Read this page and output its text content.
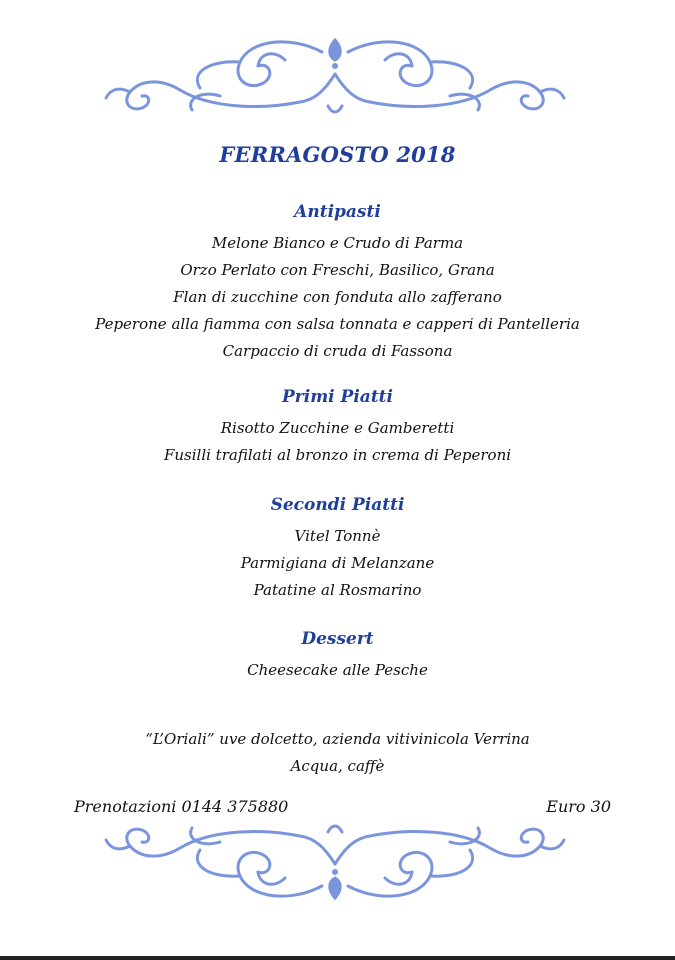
FERRAGOSTO 2018
Antipasti
Melone Bianco e Crudo di Parma
Orzo Perlato con Freschi, Basilico, Grana
Flan di zucchine con fonduta allo zafferano
Peperone alla fiamma con salsa tonnata e capperi di Pantelleria
Carpaccio di cruda di Fassona
Primi Piatti
Risotto Zucchine e Gamberetti
Fusilli trafilati al bronzo in crema di Peperoni
Secondi Piatti
Vitel Tonnè
Parmigiana di Melanzane
Patatine al Rosmarino
Dessert
Cheesecake alle Pesche
“L’Oriali” uve dolcetto, azienda vitivinicola Verrina
Acqua, caffè
Prenotazioni 0144 375880	Euro 30
